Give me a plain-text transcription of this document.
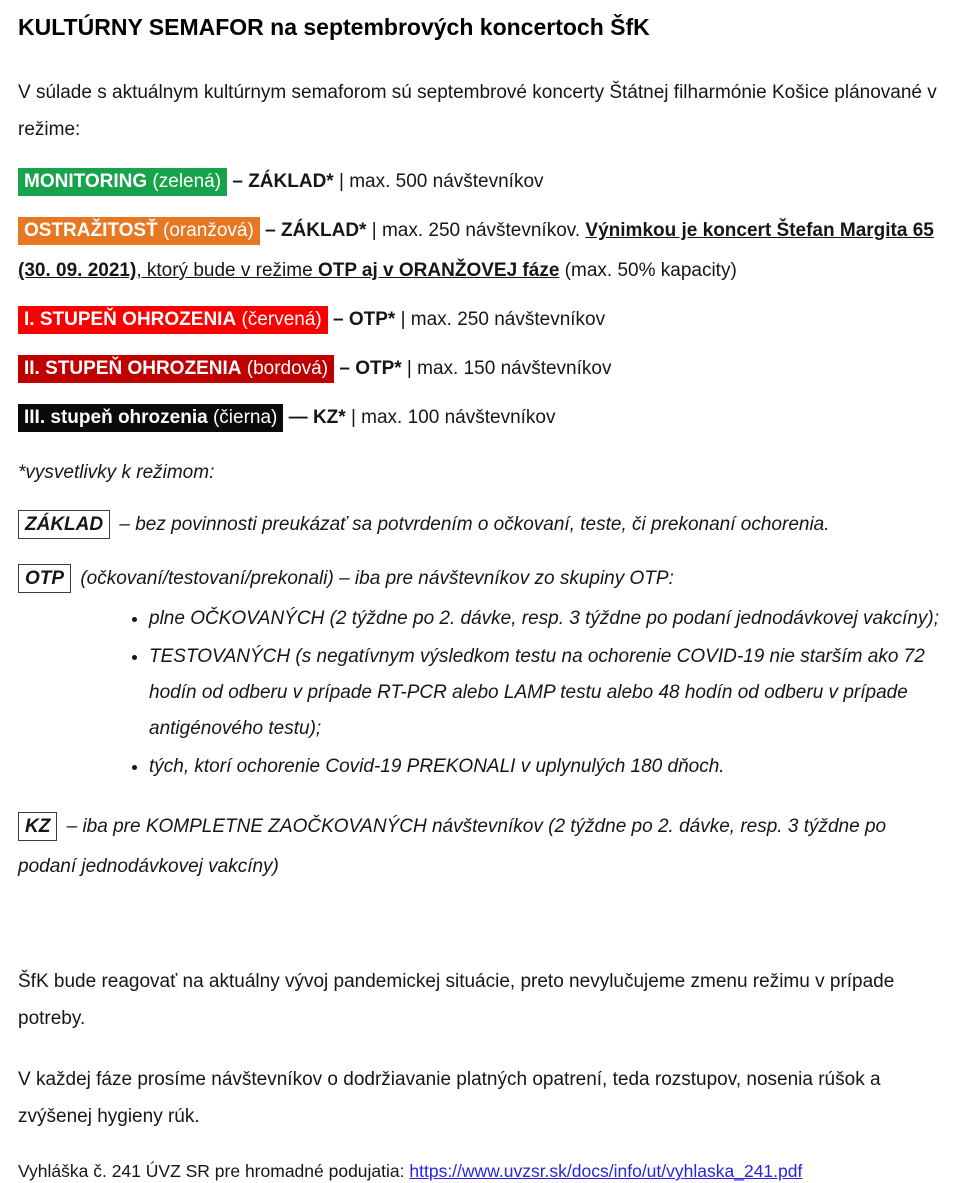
KULTÚRNY SEMAFOR na septembrových koncertoch ŠfK

V súlade s aktuálnym kultúrnym semaforom sú septembrové koncerty Štátnej filharmónie Košice plánované v režime:

MONITORING (zelená) – ZÁKLAD* | max. 500 návštevníkov

OSTRAŽITOSŤ (oranžová) – ZÁKLAD* | max. 250 návštevníkov. Výnimkou je koncert Štefan Margita 65 (30. 09. 2021), ktorý bude v režime OTP aj v ORANŽOVEJ fáze (max. 50% kapacity)

I. STUPEŇ OHROZENIA (červená) – OTP* | max. 250 návštevníkov

II. STUPEŇ OHROZENIA (bordová) – OTP* | max. 150 návštevníkov

III. stupeň ohrozenia (čierna) — KZ* | max. 100 návštevníkov

*vysvetlivky k režimom:

ZÁKLAD – bez povinnosti preukázať sa potvrdením o očkovaní, teste, či prekonaní ochorenia.

OTP (očkovaní/testovaní/prekonali) – iba pre návštevníkov zo skupiny OTP:

• plne OČKOVANÝCH (2 týždne po 2. dávke, resp. 3 týždne po podaní jednodávkovej vakcíny);
• TESTOVANÝCH (s negatívnym výsledkom testu na ochorenie COVID-19 nie starším ako 72 hodín od odberu v prípade RT-PCR alebo LAMP testu alebo 48 hodín od odberu v prípade antigénového testu);
• tých, ktorí ochorenie Covid-19 PREKONALI v uplynulých 180 dňoch.

KZ – iba pre KOMPLETNE ZAOČKOVANÝCH návštevníkov (2 týždne po 2. dávke, resp. 3 týždne po podaní jednodávkovej vakcíny)

ŠfK bude reagovať na aktuálny vývoj pandemickej situácie, preto nevylučujeme zmenu režimu v prípade potreby.

V každej fáze prosíme návštevníkov o dodržiavanie platných opatrení, teda rozstupov, nosenia rúšok a zvýšenej hygieny rúk.

Vyhláška č. 241 ÚVZ SR pre hromadné podujatia: https://www.uvzsr.sk/docs/info/ut/vyhlaska_241.pdf
